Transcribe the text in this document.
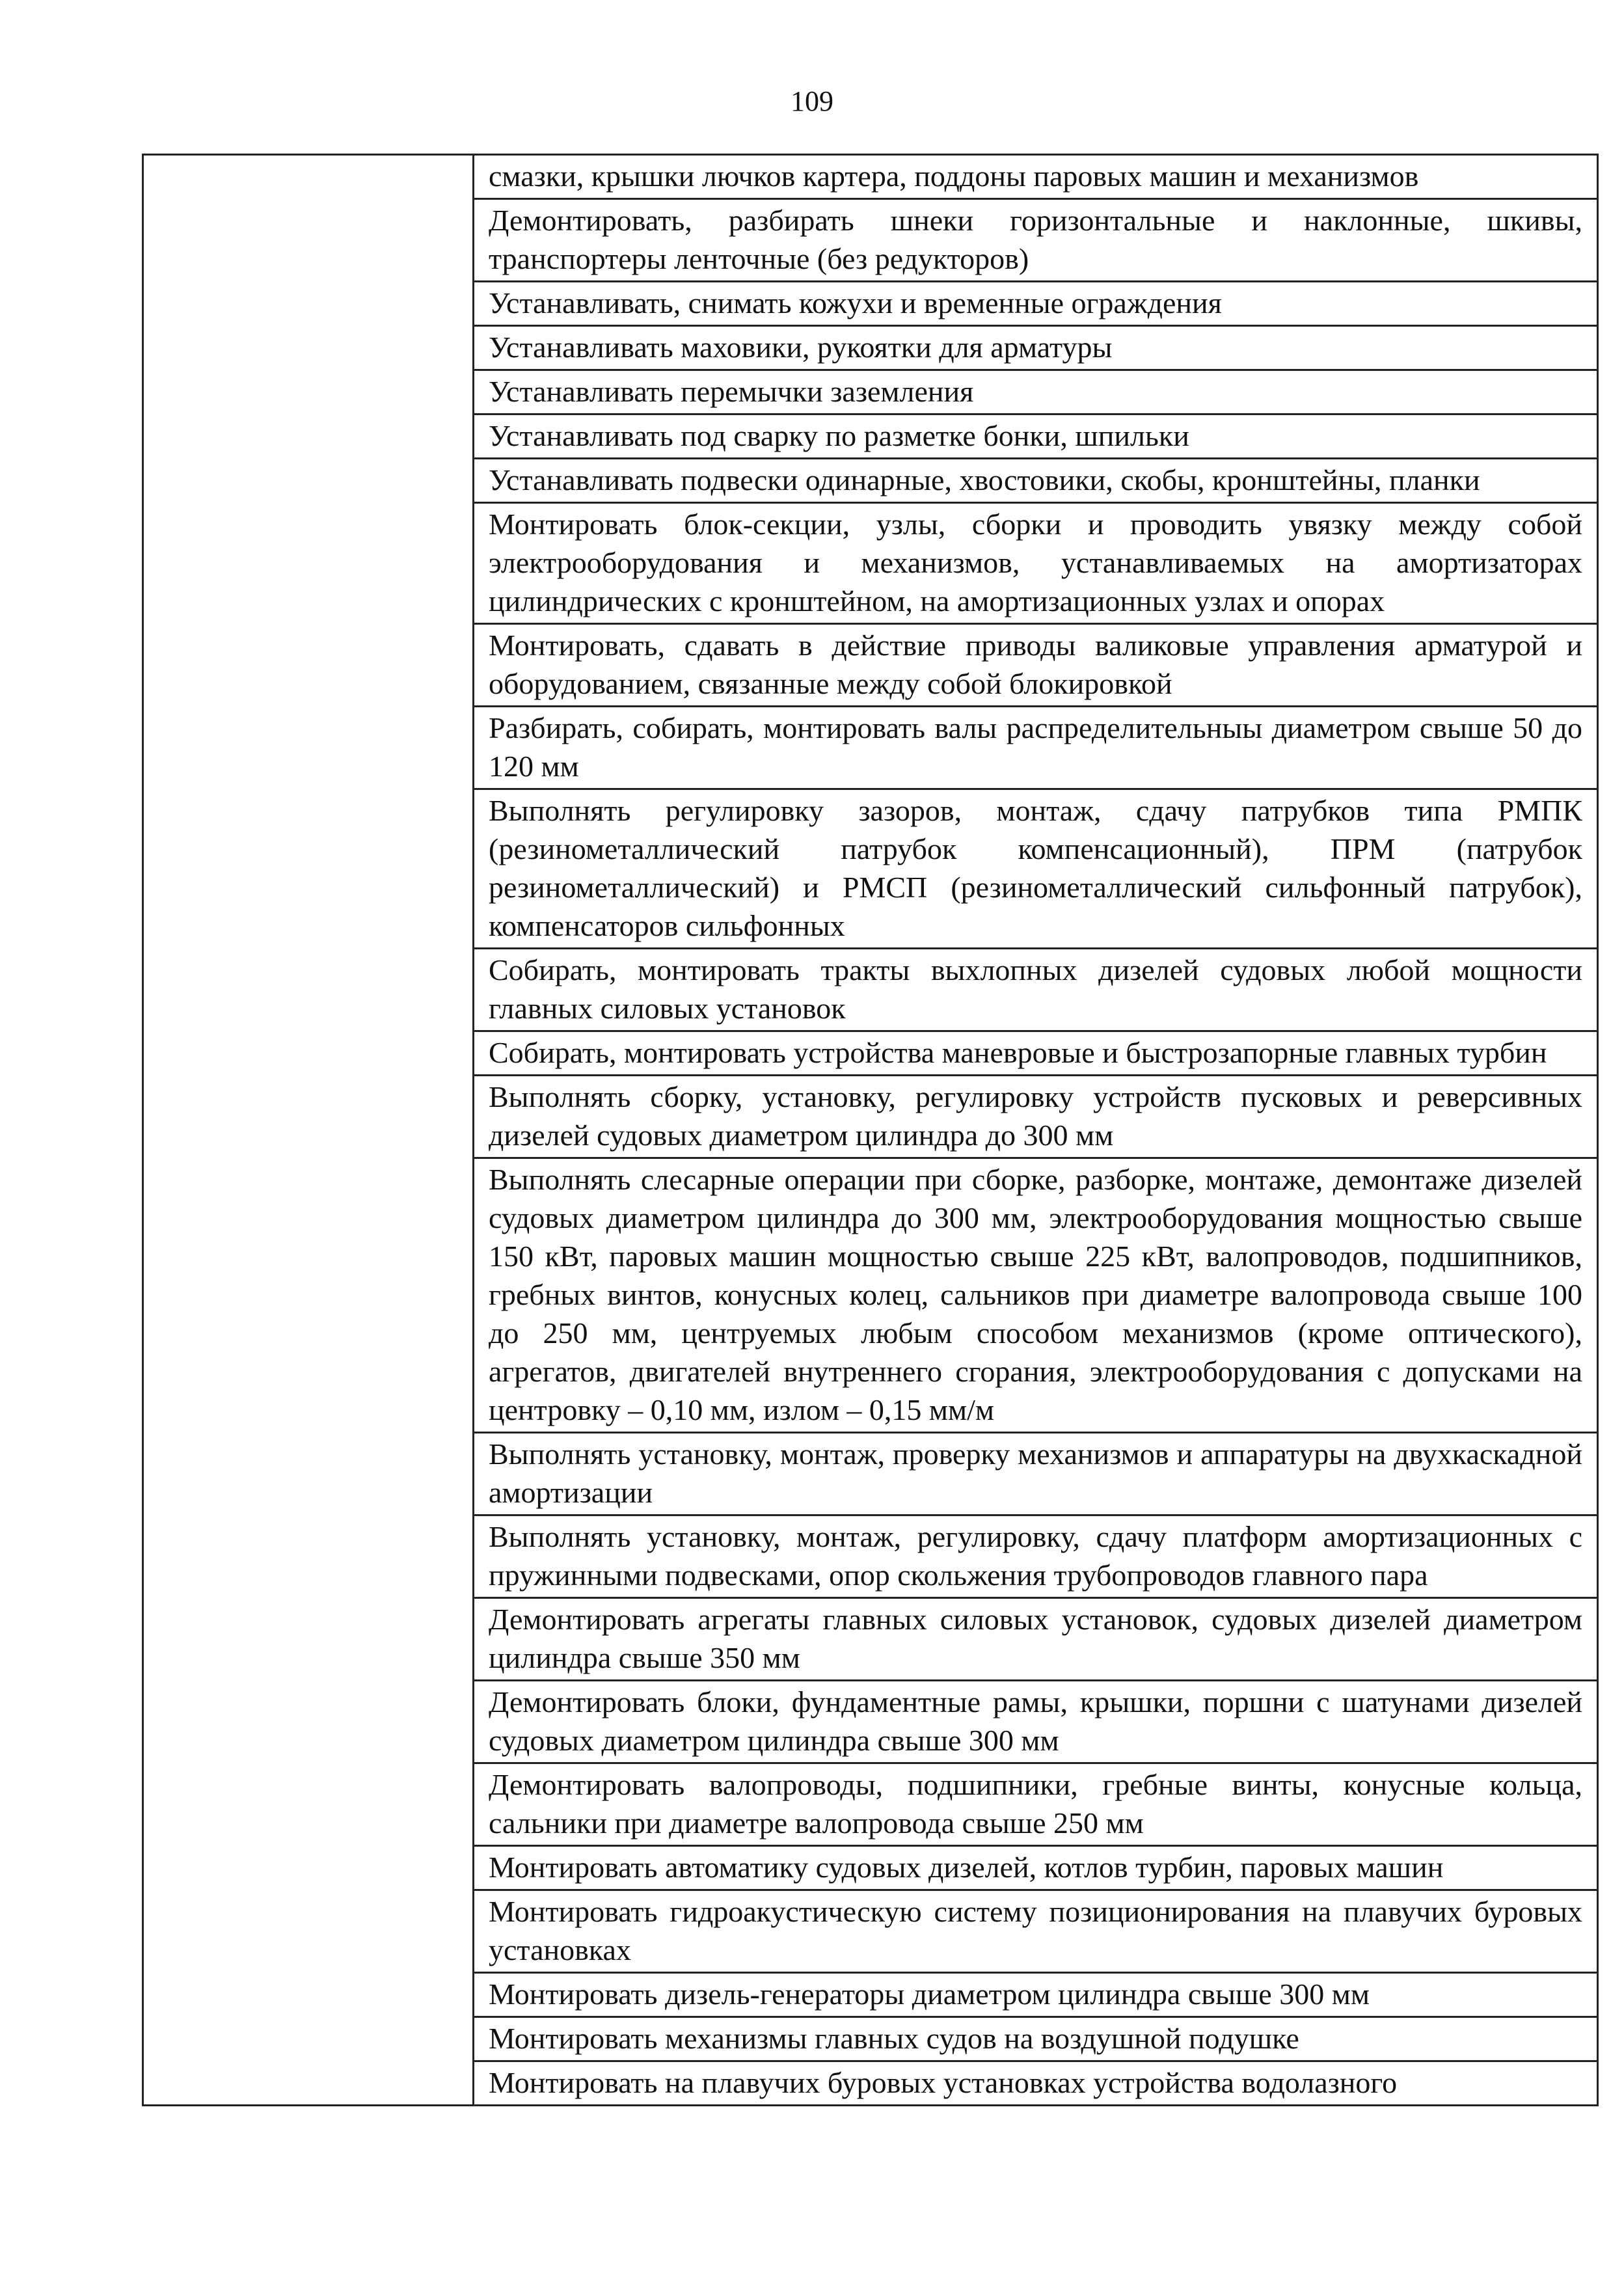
109

смазки, крышки лючков картера, поддоны паровых машин и механизмов

Демонтировать, разбирать шнеки горизонтальные и наклонные, шкивы, транспортеры ленточные (без редукторов)

Устанавливать, снимать кожухи и временные ограждения

Устанавливать маховики, рукоятки для арматуры

Устанавливать перемычки заземления

Устанавливать под сварку по разметке бонки, шпильки

Устанавливать подвески одинарные, хвостовики, скобы, кронштейны, планки

Монтировать блок-секции, узлы, сборки и проводить увязку между собой электрооборудования и механизмов, устанавливаемых на амортизаторах цилиндрических с кронштейном, на амортизационных узлах и опорах

Монтировать, сдавать в действие приводы валиковые управления арматурой и оборудованием, связанные между собой блокировкой

Разбирать, собирать, монтировать валы распределительныы диаметром свыше 50 до 120 мм

Выполнять регулировку зазоров, монтаж, сдачу патрубков типа РМПК (резинометаллический патрубок компенсационный), ПРМ (патрубок резинометаллический) и РМСП (резинометаллический сильфонный патрубок), компенсаторов сильфонных

Собирать, монтировать тракты выхлопных дизелей судовых любой мощности главных силовых установок

Собирать, монтировать устройства маневровые и быстрозапорные главных турбин

Выполнять сборку, установку, регулировку устройств пусковых и реверсивных дизелей судовых диаметром цилиндра до 300 мм

Выполнять слесарные операции при сборке, разборке, монтаже, демонтаже дизелей судовых диаметром цилиндра до 300 мм, электрооборудования мощностью свыше 150 кВт, паровых машин мощностью свыше 225 кВт, валопроводов, подшипников, гребных винтов, конусных колец, сальников при диаметре валопровода свыше 100 до 250 мм, центруемых любым способом механизмов (кроме оптического), агрегатов, двигателей внутреннего сгорания, электрооборудования с допусками на центровку – 0,10 мм, излом – 0,15 мм/м

Выполнять установку, монтаж, проверку механизмов и аппаратуры на двухкаскадной амортизации

Выполнять установку, монтаж, регулировку, сдачу платформ амортизационных с пружинными подвесками, опор скольжения трубопроводов главного пара

Демонтировать агрегаты главных силовых установок, судовых дизелей диаметром цилиндра свыше 350 мм

Демонтировать блоки, фундаментные рамы, крышки, поршни с шатунами дизелей судовых диаметром цилиндра свыше 300 мм

Демонтировать валопроводы, подшипники, гребные винты, конусные кольца, сальники при диаметре валопровода свыше 250 мм

Монтировать автоматику судовых дизелей, котлов турбин, паровых машин

Монтировать гидроакустическую систему позиционирования на плавучих буровых установках

Монтировать дизель-генераторы диаметром цилиндра свыше 300 мм

Монтировать механизмы главных судов на воздушной подушке

Монтировать на плавучих буровых установках устройства водолазного
